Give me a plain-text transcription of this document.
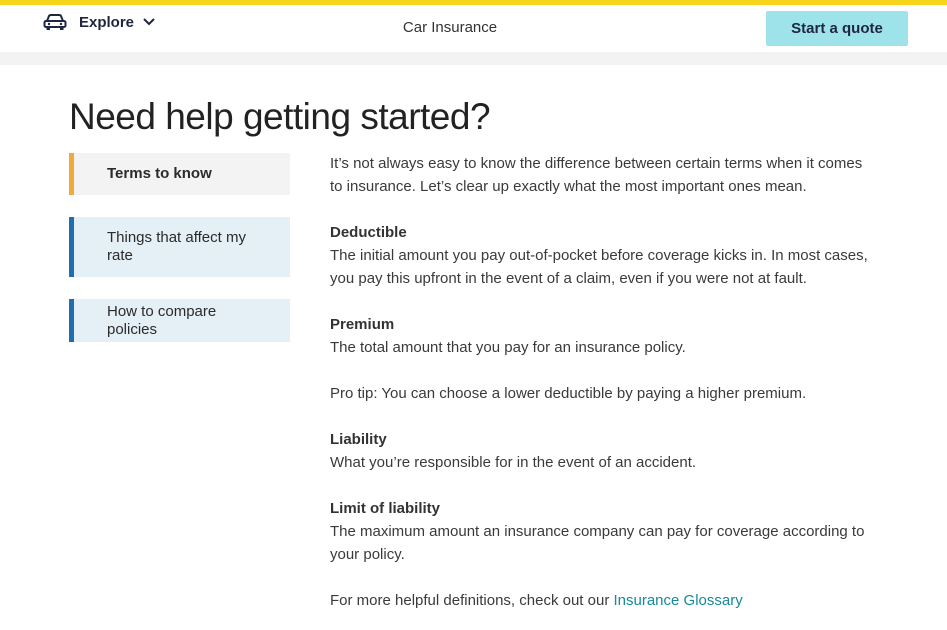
Explore	Car Insurance	Start a quote
Need help getting started?
Terms to know
Things that affect my rate
How to compare policies

It’s not always easy to know the difference between certain terms when it comes to insurance. Let’s clear up exactly what the most important ones mean.

Deductible

The initial amount you pay out-of-pocket before coverage kicks in. In most cases, you pay this upfront in the event of a claim, even if you were not at fault.

Premium

The total amount that you pay for an insurance policy.

Pro tip: You can choose a lower deductible by paying a higher premium.

Liability

What you’re responsible for in the event of an accident.

Limit of liability

The maximum amount an insurance company can pay for coverage according to your policy.

For more helpful definitions, check out our Insurance Glossary
